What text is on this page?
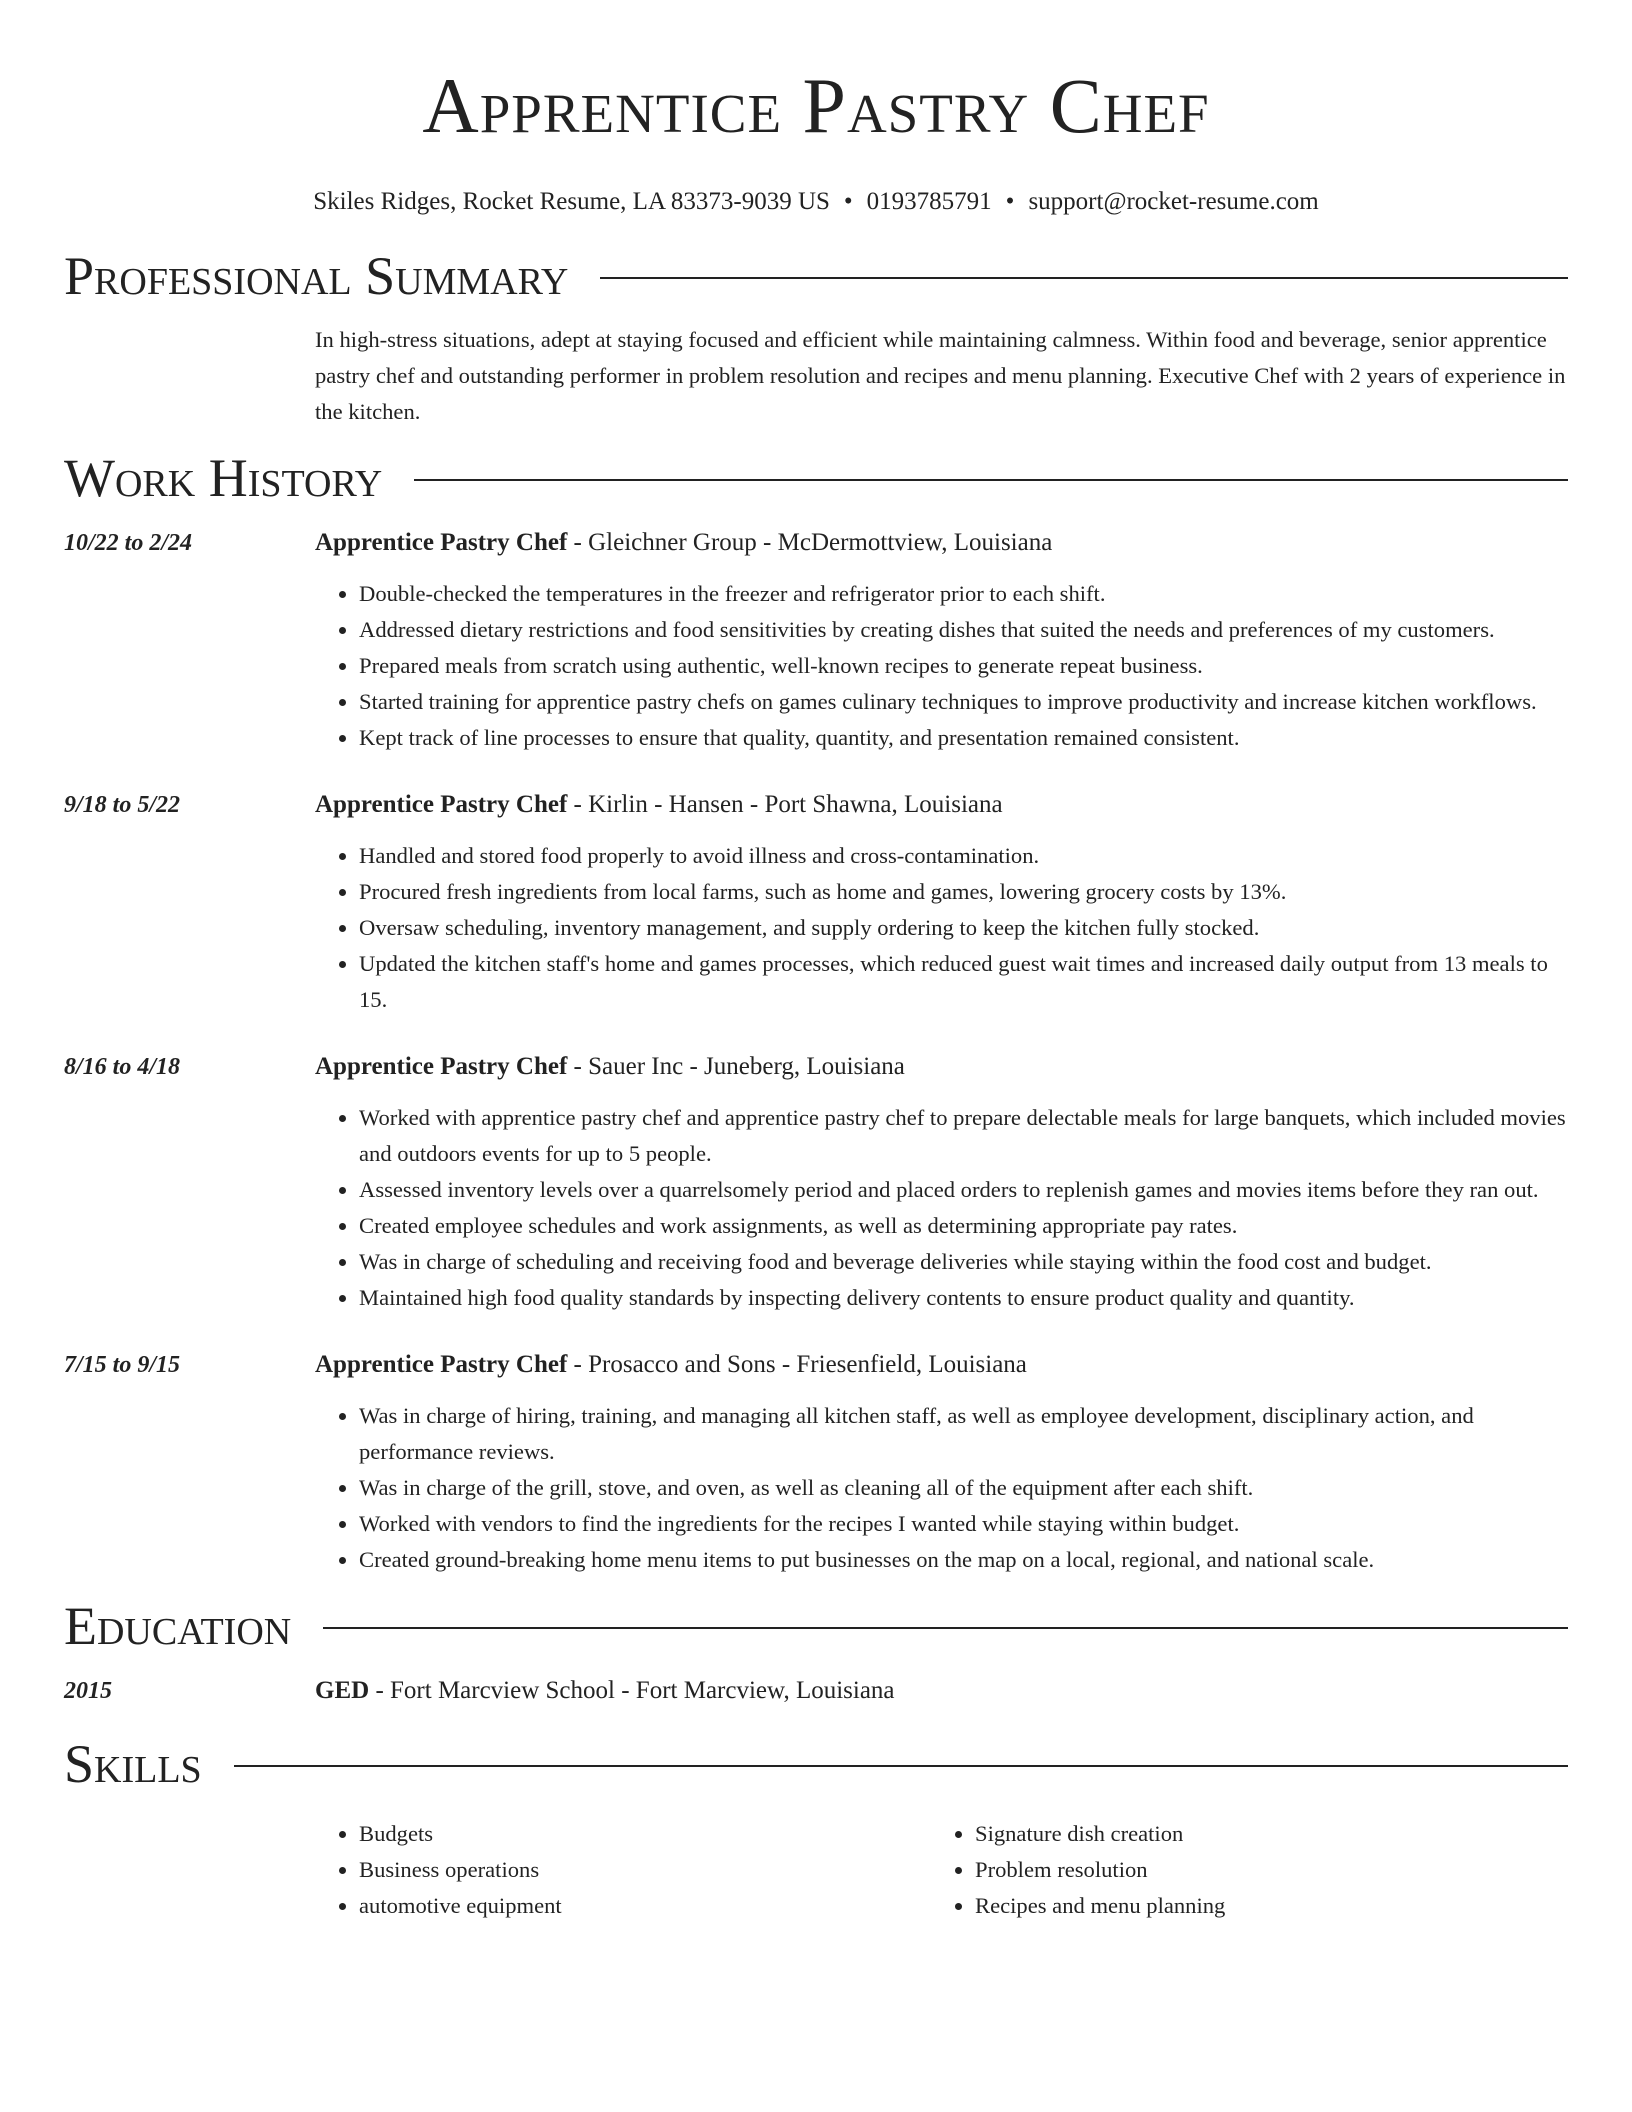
Apprentice Pastry Chef
Skiles Ridges, Rocket Resume, LA 83373-9039 US • 0193785791 • support@rocket-resume.com
Professional Summary
In high-stress situations, adept at staying focused and efficient while maintaining calmness. Within food and beverage, senior apprentice pastry chef and outstanding performer in problem resolution and recipes and menu planning. Executive Chef with 2 years of experience in the kitchen.
Work History
10/22 to 2/24	Apprentice Pastry Chef - Gleichner Group - McDermottview, Louisiana
• Double-checked the temperatures in the freezer and refrigerator prior to each shift.
• Addressed dietary restrictions and food sensitivities by creating dishes that suited the needs and preferences of my customers.
• Prepared meals from scratch using authentic, well-known recipes to generate repeat business.
• Started training for apprentice pastry chefs on games culinary techniques to improve productivity and increase kitchen workflows.
• Kept track of line processes to ensure that quality, quantity, and presentation remained consistent.
9/18 to 5/22	Apprentice Pastry Chef - Kirlin - Hansen - Port Shawna, Louisiana
• Handled and stored food properly to avoid illness and cross-contamination.
• Procured fresh ingredients from local farms, such as home and games, lowering grocery costs by 13%.
• Oversaw scheduling, inventory management, and supply ordering to keep the kitchen fully stocked.
• Updated the kitchen staff's home and games processes, which reduced guest wait times and increased daily output from 13 meals to 15.
8/16 to 4/18	Apprentice Pastry Chef - Sauer Inc - Juneberg, Louisiana
• Worked with apprentice pastry chef and apprentice pastry chef to prepare delectable meals for large banquets, which included movies and outdoors events for up to 5 people.
• Assessed inventory levels over a quarrelsomely period and placed orders to replenish games and movies items before they ran out.
• Created employee schedules and work assignments, as well as determining appropriate pay rates.
• Was in charge of scheduling and receiving food and beverage deliveries while staying within the food cost and budget.
• Maintained high food quality standards by inspecting delivery contents to ensure product quality and quantity.
7/15 to 9/15	Apprentice Pastry Chef - Prosacco and Sons - Friesenfield, Louisiana
• Was in charge of hiring, training, and managing all kitchen staff, as well as employee development, disciplinary action, and performance reviews.
• Was in charge of the grill, stove, and oven, as well as cleaning all of the equipment after each shift.
• Worked with vendors to find the ingredients for the recipes I wanted while staying within budget.
• Created ground-breaking home menu items to put businesses on the map on a local, regional, and national scale.
Education
2015	GED - Fort Marcview School - Fort Marcview, Louisiana
Skills
• Budgets
• Business operations
• automotive equipment
• Signature dish creation
• Problem resolution
• Recipes and menu planning
